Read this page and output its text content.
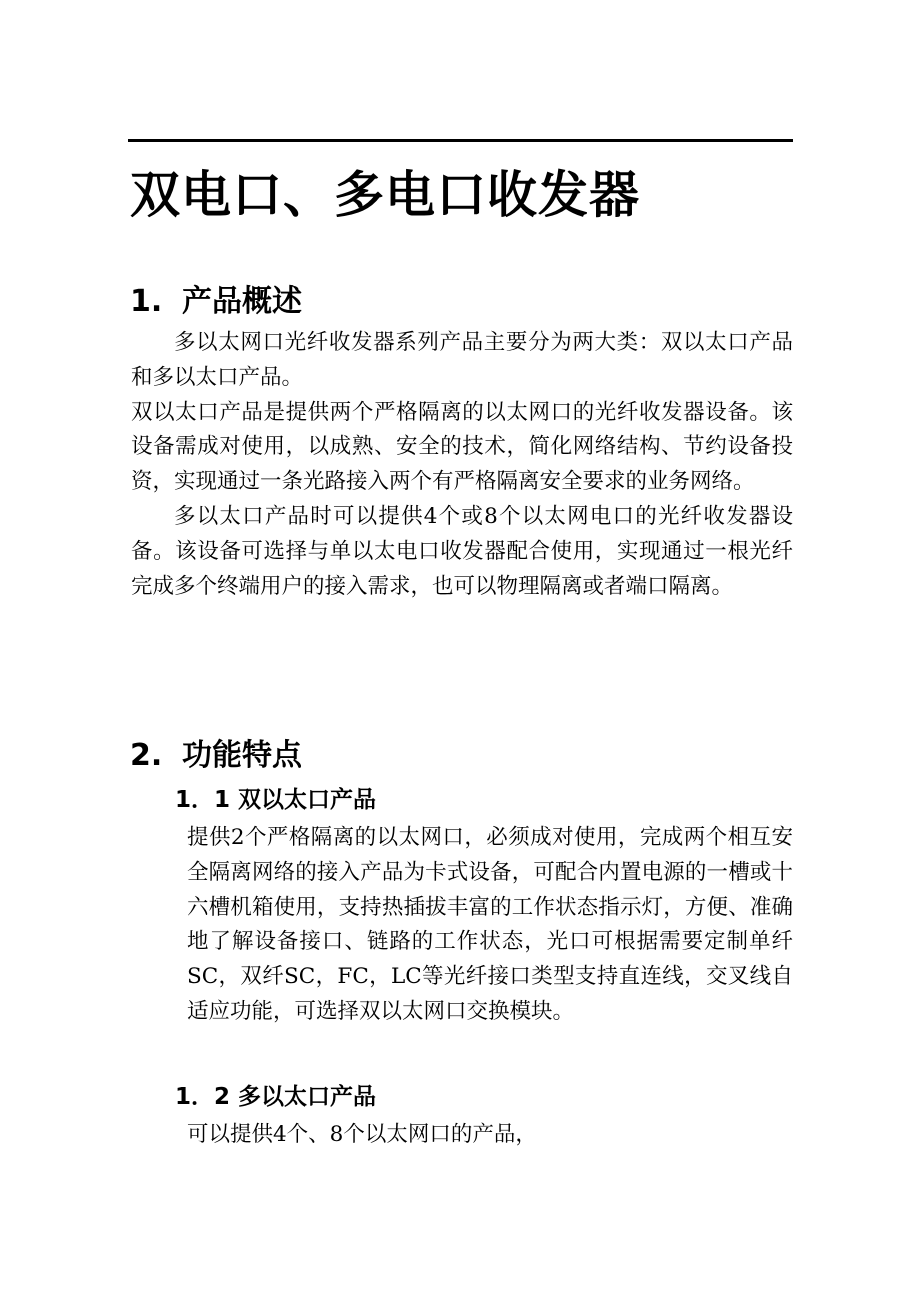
双电口、多电口收发器
1. 产品概述

多以太网口光纤收发器系列产品主要分为两大类：双以太口产品和多以太口产品。

双以太口产品是提供两个严格隔离的以太网口的光纤收发器设备。该设备需成对使用，以成熟、安全的技术，简化网络结构、节约设备投资，实现通过一条光路接入两个有严格隔离安全要求的业务网络。

多以太口产品时可以提供4个或8个以太网电口的光纤收发器设备。该设备可选择与单以太电口收发器配合使用，实现通过一根光纤完成多个终端用户的接入需求，也可以物理隔离或者端口隔离。

2. 功能特点
1．1 双以太口产品

提供2个严格隔离的以太网口，必须成对使用，完成两个相互安全隔离网络的接入产品为卡式设备，可配合内置电源的一槽或十六槽机箱使用，支持热插拔丰富的工作状态指示灯，方便、准确地了解设备接口、链路的工作状态，光口可根据需要定制单纤SC，双纤SC，FC，LC等光纤接口类型支持直连线，交叉线自适应功能，可选择双以太网口交换模块。

1．2 多以太口产品

可以提供4个、8个以太网口的产品，
